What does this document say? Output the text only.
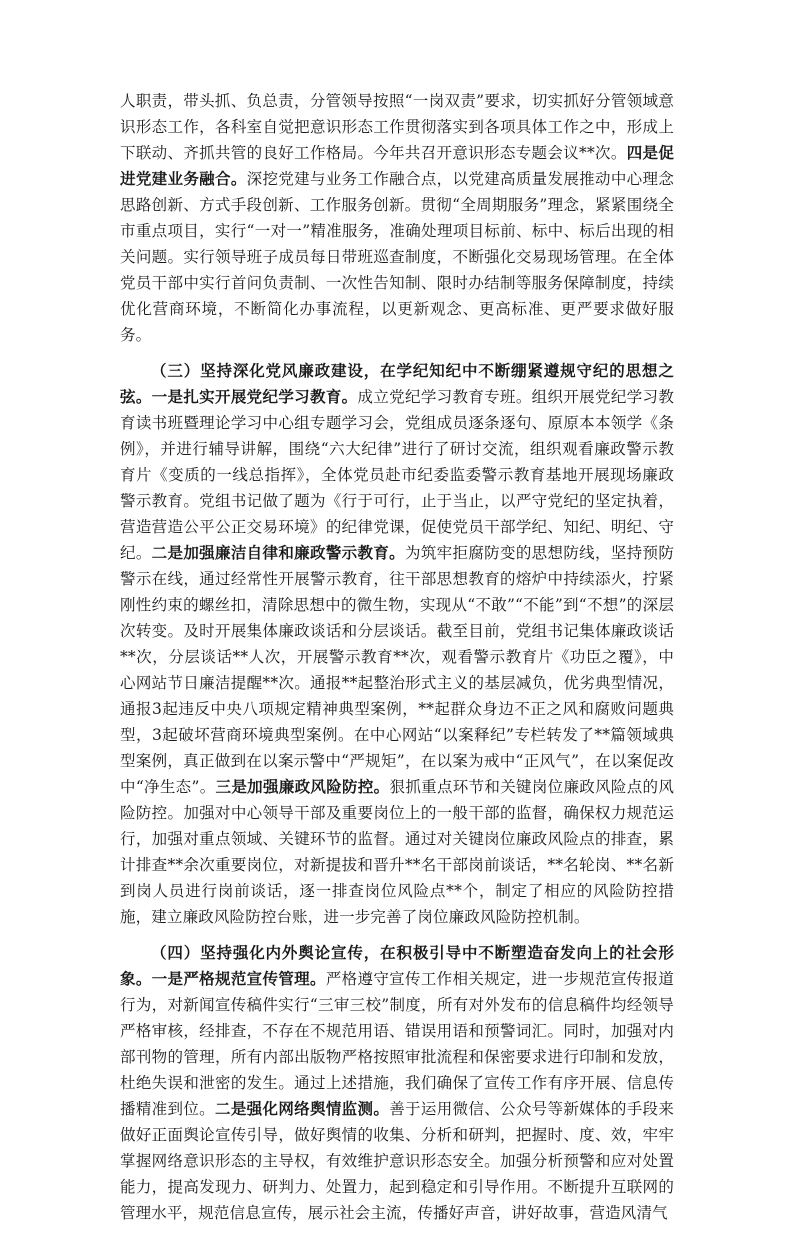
人职责，带头抓、负总责，分管领导按照“一岗双责”要求，切实抓好分管领域意识形态工作，各科室自觉把意识形态工作贯彻落实到各项具体工作之中，形成上下联动、齐抓共管的良好工作格局。今年共召开意识形态专题会议**次。四是促进党建业务融合。深挖党建与业务工作融合点，以党建高质量发展推动中心理念思路创新、方式手段创新、工作服务创新。贯彻“全周期服务”理念，紧紧围绕全市重点项目，实行“一对一”精准服务，准确处理项目标前、标中、标后出现的相关问题。实行领导班子成员每日带班巡查制度，不断强化交易现场管理。在全体党员干部中实行首问负责制、一次性告知制、限时办结制等服务保障制度，持续优化营商环境，不断简化办事流程，以更新观念、更高标准、更严要求做好服务。

（三）坚持深化党风廉政建设，在学纪知纪中不断绷紧遵规守纪的思想之弦。一是扎实开展党纪学习教育。成立党纪学习教育专班。组织开展党纪学习教育读书班暨理论学习中心组专题学习会，党组成员逐条逐句、原原本本领学《条例》，并进行辅导讲解，围绕“六大纪律”进行了研讨交流，组织观看廉政警示教育片《变质的一线总指挥》，全体党员赴市纪委监委警示教育基地开展现场廉政警示教育。党组书记做了题为《行于可行，止于当止，以严守党纪的坚定执着，营造营造公平公正交易环境》的纪律党课，促使党员干部学纪、知纪、明纪、守纪。二是加强廉洁自律和廉政警示教育。为筑牢拒腐防变的思想防线，坚持预防警示在线，通过经常性开展警示教育，往干部思想教育的熔炉中持续添火，拧紧刚性约束的螺丝扣，清除思想中的微生物，实现从“不敢”“不能”到“不想”的深层次转变。及时开展集体廉政谈话和分层谈话。截至目前，党组书记集体廉政谈话**次，分层谈话**人次，开展警示教育**次，观看警示教育片《功臣之覆》，中心网站节日廉洁提醒**次。通报**起整治形式主义的基层减负，优劣典型情况，通报3起违反中央八项规定精神典型案例，**起群众身边不正之风和腐败问题典型，3起破坏营商环境典型案例。在中心网站“以案释纪”专栏转发了**篇领域典型案例，真正做到在以案示警中“严规矩”，在以案为戒中“正风气”，在以案促改中“净生态”。三是加强廉政风险防控。狠抓重点环节和关键岗位廉政风险点的风险防控。加强对中心领导干部及重要岗位上的一般干部的监督，确保权力规范运行，加强对重点领域、关键环节的监督。通过对关键岗位廉政风险点的排查，累计排查**余次重要岗位，对新提拔和晋升**名干部岗前谈话，**名轮岗、**名新到岗人员进行岗前谈话，逐一排查岗位风险点**个，制定了相应的风险防控措施，建立廉政风险防控台账，进一步完善了岗位廉政风险防控机制。

（四）坚持强化内外舆论宣传，在积极引导中不断塑造奋发向上的社会形象。一是严格规范宣传管理。严格遵守宣传工作相关规定，进一步规范宣传报道行为，对新闻宣传稿件实行“三审三校”制度，所有对外发布的信息稿件均经领导严格审核，经排查，不存在不规范用语、错误用语和预警词汇。同时，加强对内部刊物的管理，所有内部出版物严格按照审批流程和保密要求进行印制和发放，杜绝失误和泄密的发生。通过上述措施，我们确保了宣传工作有序开展、信息传播精准到位。二是强化网络舆情监测。善于运用微信、公众号等新媒体的手段来做好正面舆论宣传引导，做好舆情的收集、分析和研判，把握时、度、效，牢牢掌握网络意识形态的主导权，有效维护意识形态安全。加强分析预警和应对处置能力，提高发现力、研判力、处置力，起到稳定和引导作用。不断提升互联网的管理水平，规范信息宣传，展示社会主流，传播好声音，讲好故事，营造风清气
